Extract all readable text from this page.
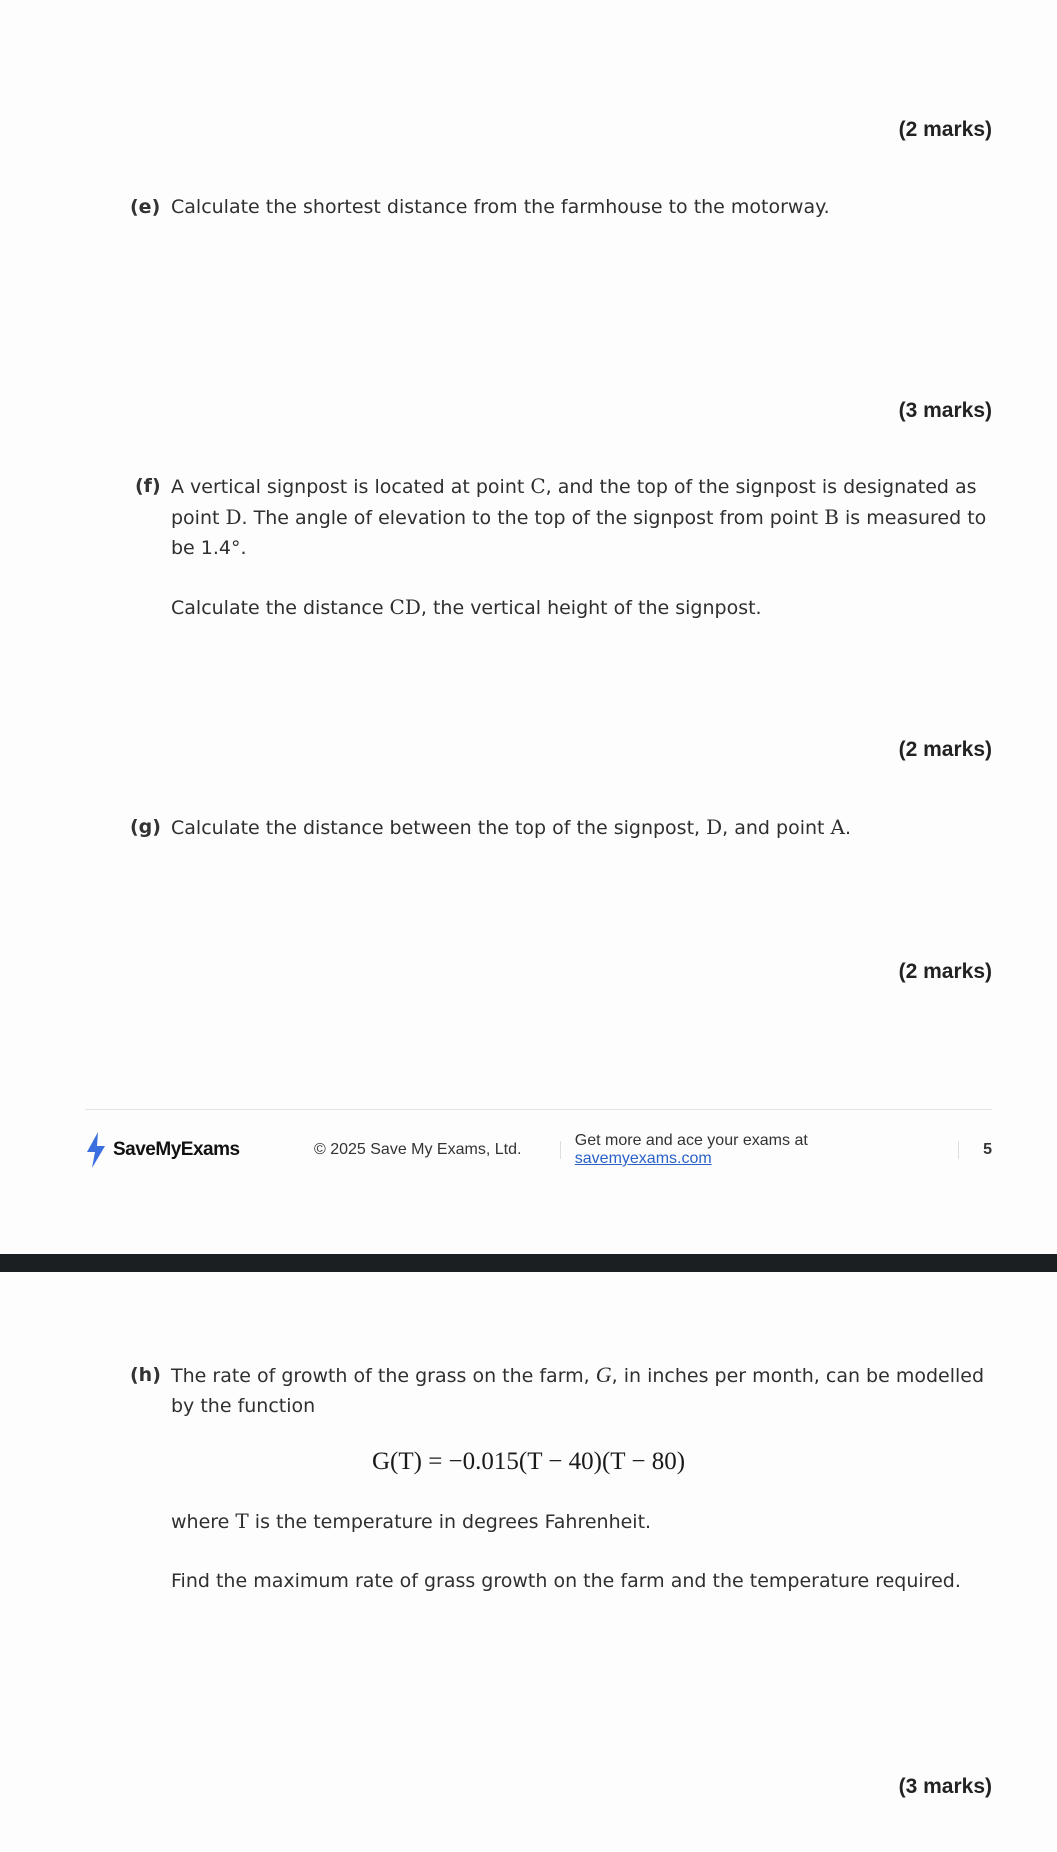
(2 marks)
(e) Calculate the shortest distance from the farmhouse to the motorway.

(3 marks)
(f) A vertical signpost is located at point C, and the top of the signpost is designated as point D. The angle of elevation to the top of the signpost from point B is measured to be 1.4°.

Calculate the distance CD, the vertical height of the signpost.

(2 marks)
(g) Calculate the distance between the top of the signpost, D, and point A.

(2 marks)
SaveMyExams	© 2025 Save My Exams, Ltd.
Get more and ace your exams at savemyexams.com
5
(h) The rate of growth of the grass on the farm, G, in inches per month, can be modelled by the function

G(T) = −0.015(T − 40)(T − 80)

where T is the temperature in degrees Fahrenheit.

Find the maximum rate of grass growth on the farm and the temperature required.

(3 marks)
